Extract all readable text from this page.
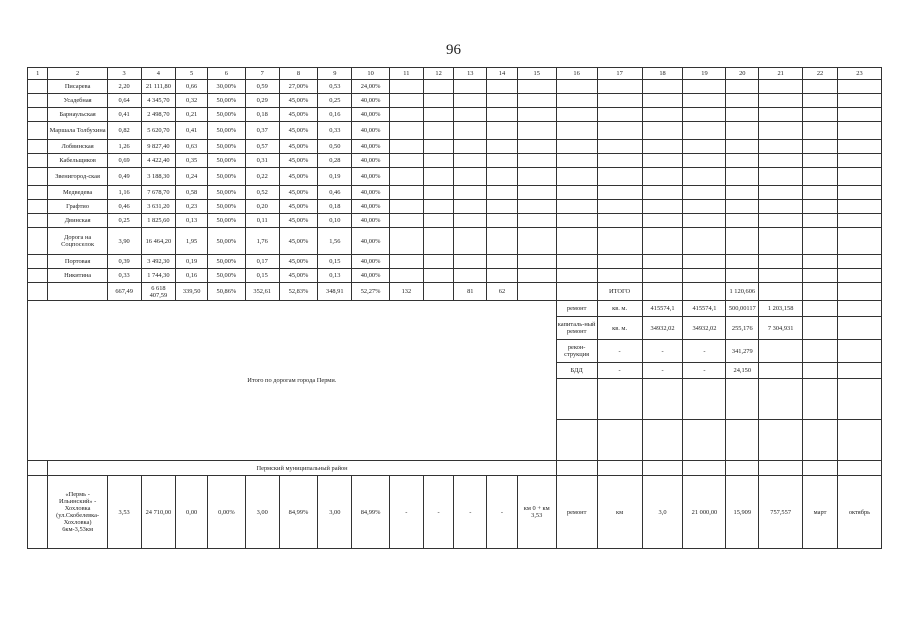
96
1	2	3	4	5	6	7	8	9	10	11	12	13	14	15	16	17	18	19	20	21	22	23
	Писарева	2,20	21 111,80	0,66	30,00%	0,59	27,00%	0,53	24,00%													
	Усадебная	0,64	4 345,70	0,32	50,00%	0,29	45,00%	0,25	40,00%													
	Барнаульская	0,41	2 498,70	0,21	50,00%	0,18	45,00%	0,16	40,00%													
	Маршала Толбухина	0,82	5 620,70	0,41	50,00%	0,37	45,00%	0,33	40,00%													
	Лобвинская	1,26	9 827,40	0,63	50,00%	0,57	45,00%	0,50	40,00%													
	Кабельщиков	0,69	4 422,40	0,35	50,00%	0,31	45,00%	0,28	40,00%													
	Звенигород-ская	0,49	3 188,30	0,24	50,00%	0,22	45,00%	0,19	40,00%													
	Медведева	1,16	7 678,70	0,58	50,00%	0,52	45,00%	0,46	40,00%													
	Графтио	0,46	3 631,20	0,23	50,00%	0,20	45,00%	0,18	40,00%													
	Двинская	0,25	1 825,60	0,13	50,00%	0,11	45,00%	0,10	40,00%													
	Дорога на Соцпоселок	3,90	16 464,20	1,95	50,00%	1,76	45,00%	1,56	40,00%													
	Портовая	0,39	3 492,30	0,19	50,00%	0,17	45,00%	0,15	40,00%													
	Никитина	0,33	1 744,30	0,16	50,00%	0,15	45,00%	0,13	40,00%													
		667,49	6 618 407,59	339,50	50,86%	352,61	52,83%	348,91	52,27%	132		81	62			ИТОГО			1 120,606			
Итого по дорогам города Перми.															ремонт	кв. м.	415574,1	415574,1	500,00117	1 203,158		
															капиталь-ный ремонт	кв. м.	34932,02	34932,02	255,176	7 304,931		
															рекон-струкция	-	-	-	341,279			
															БДД	-	-	-	24,150			

	Пермский муниципальный район																					
	«Пермь - Ильинский» - Хохловка (ул.Скобелевка-Хохловка) 6км-3,53км	3,53	24 710,00	0,00	0,00%	3,00	84,99%	3,00	84,99%	-	-	-	-	км 0 + км 3,53	ремонт	км	3,0	21 000,00	15,909	757,557	март	октябрь
